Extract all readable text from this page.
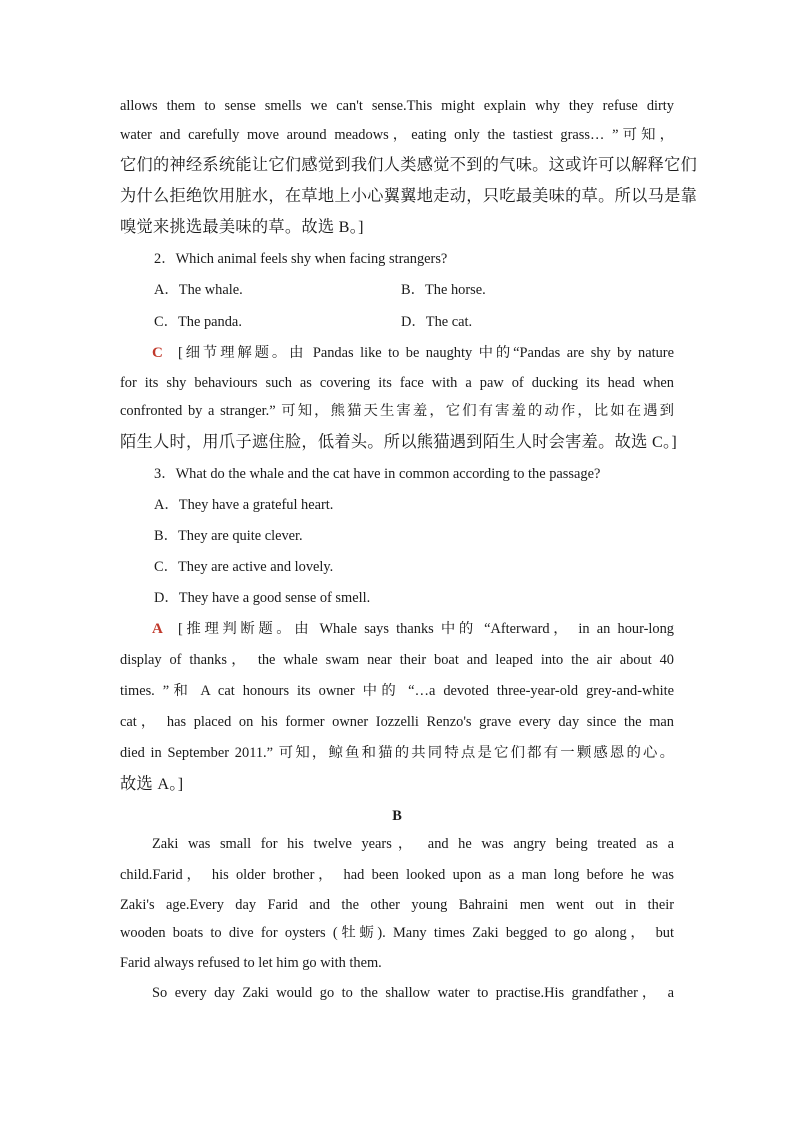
allows them to sense smells we can't sense.This might explain why they refuse dirty
water and carefully move around meadows，eating only the tastiest grass… ”可知，
它们的神经系统能让它们感觉到我们人类感觉不到的气味。这或许可以解释它们
为什么拒绝饮用脏水，在草地上小心翼翼地走动，只吃最美味的草。所以马是靠
嗅觉来挑选最美味的草。故选 B。]
2．Which animal feels shy when facing strangers?
A．The whale.	B．The horse.
C．The panda.	D．The cat.
C [细节理解题。由 Pandas like to be naughty 中的“Pandas are shy by nature
for its shy behaviours such as covering its face with a paw of ducking its head when
confronted by a stranger.” 可知，熊猫天生害羞，它们有害羞的动作，比如在遇到
陌生人时，用爪子遮住脸，低着头。所以熊猫遇到陌生人时会害羞。故选 C。]
3．What do the whale and the cat have in common according to the passage?
A．They have a grateful heart.
B．They are quite clever.
C．They are active and lovely.
D．They have a good sense of smell.
A [推理判断题。由 Whale says thanks 中的 “Afterward， in an hour-long
display of thanks， the whale swam near their boat and leaped into the air about 40
times. ”和 A cat honours its owner 中的 “…a devoted three-year-old grey-and-white
cat， has placed on his former owner Iozzelli Renzo's grave every day since the man
died in September 2011.” 可知，鲸鱼和猫的共同特点是它们都有一颗感恩的心。
故选 A。]
B
Zaki was small for his twelve years， and he was angry being treated as a
child.Farid， his older brother， had been looked upon as a man long before he was
Zaki's age.Every day Farid and the other young Bahraini men went out in their
wooden boats to dive for oysters (牡蛎). Many times Zaki begged to go along， but
Farid always refused to let him go with them.
So every day Zaki would go to the shallow water to practise.His grandfather， a
